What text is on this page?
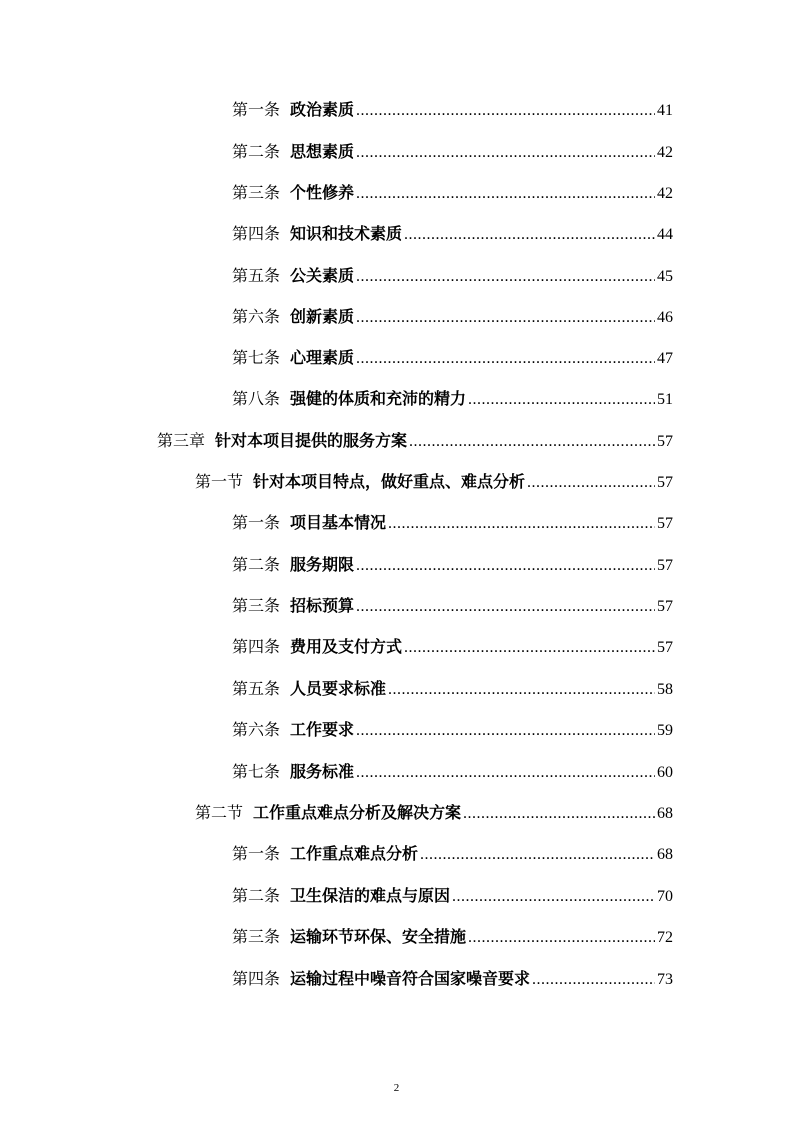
第一条 政治素质 .....	41
第二条 思想素质 .....	42
第三条 个性修养 .....	42
第四条 知识和技术素质 .....	44
第五条 公关素质 .....	45
第六条 创新素质 .....	46
第七条 心理素质 .....	47
第八条 强健的体质和充沛的精力 .....	51
第三章 针对本项目提供的服务方案 .....	57
第一节 针对本项目特点，做好重点、难点分析 .....	57
第一条 项目基本情况 .....	57
第二条 服务期限 .....	57
第三条 招标预算 .....	57
第四条 费用及支付方式 .....	57
第五条 人员要求标准 .....	58
第六条 工作要求 .....	59
第七条 服务标准 .....	60
第二节 工作重点难点分析及解决方案 .....	68
第一条 工作重点难点分析 .....	68
第二条 卫生保洁的难点与原因 .....	70
第三条 运输环节环保、安全措施 .....	72
第四条 运输过程中噪音符合国家噪音要求 .....	73
2
